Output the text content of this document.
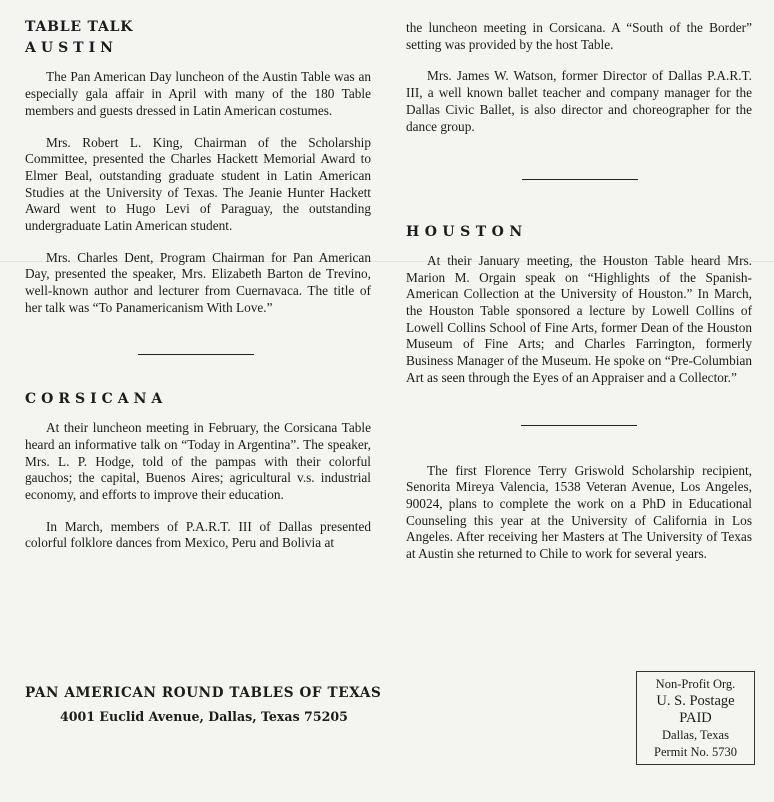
TABLE TALK
AUSTIN

The Pan American Day luncheon of the Austin Table was an especially gala affair in April with many of the 180 Table members and guests dressed in Latin American costumes.

Mrs. Robert L. King, Chairman of the Scholarship Committee, presented the Charles Hackett Memorial Award to Elmer Beal, outstanding graduate student in Latin American Studies at the University of Texas. The Jeanie Hunter Hackett Award went to Hugo Levi of Paraguay, the outstanding undergraduate Latin American student.

Mrs. Charles Dent, Program Chairman for Pan American Day, presented the speaker, Mrs. Elizabeth Barton de Trevino, well-known author and lecturer from Cuernavaca. The title of her talk was “To Panamericanism With Love.”

CORSICANA

At their luncheon meeting in February, the Corsicana Table heard an informative talk on “Today in Argentina”. The speaker, Mrs. L. P. Hodge, told of the pampas with their colorful gauchos; the capital, Buenos Aires; agricultural v.s. industrial economy, and efforts to improve their education.

In March, members of P.A.R.T. III of Dallas presented colorful folklore dances from Mexico, Peru and Bolivia at

the luncheon meeting in Corsicana. A “South of the Border” setting was provided by the host Table.

Mrs. James W. Watson, former Director of Dallas P.A.R.T. III, a well known ballet teacher and company manager for the Dallas Civic Ballet, is also director and choreographer for the dance group.

HOUSTON

At their January meeting, the Houston Table heard Mrs. Marion M. Orgain speak on “Highlights of the Spanish-American Collection at the University of Houston.” In March, the Houston Table sponsored a lecture by Lowell Collins of Lowell Collins School of Fine Arts, former Dean of the Houston Museum of Fine Arts; and Charles Farrington, formerly Business Manager of the Museum. He spoke on “Pre-Columbian Art as seen through the Eyes of an Appraiser and a Collector.”

The first Florence Terry Griswold Scholarship recipient, Senorita Mireya Valencia, 1538 Veteran Avenue, Los Angeles, 90024, plans to complete the work on a PhD in Educational Counseling this year at the University of California in Los Angeles. After receiving her Masters at The University of Texas at Austin she returned to Chile to work for several years.

PAN AMERICAN ROUND TABLES OF TEXAS
4001 Euclid Avenue, Dallas, Texas 75205
Non-Profit Org.
U. S. Postage
PAID
Dallas, Texas
Permit No. 5730
